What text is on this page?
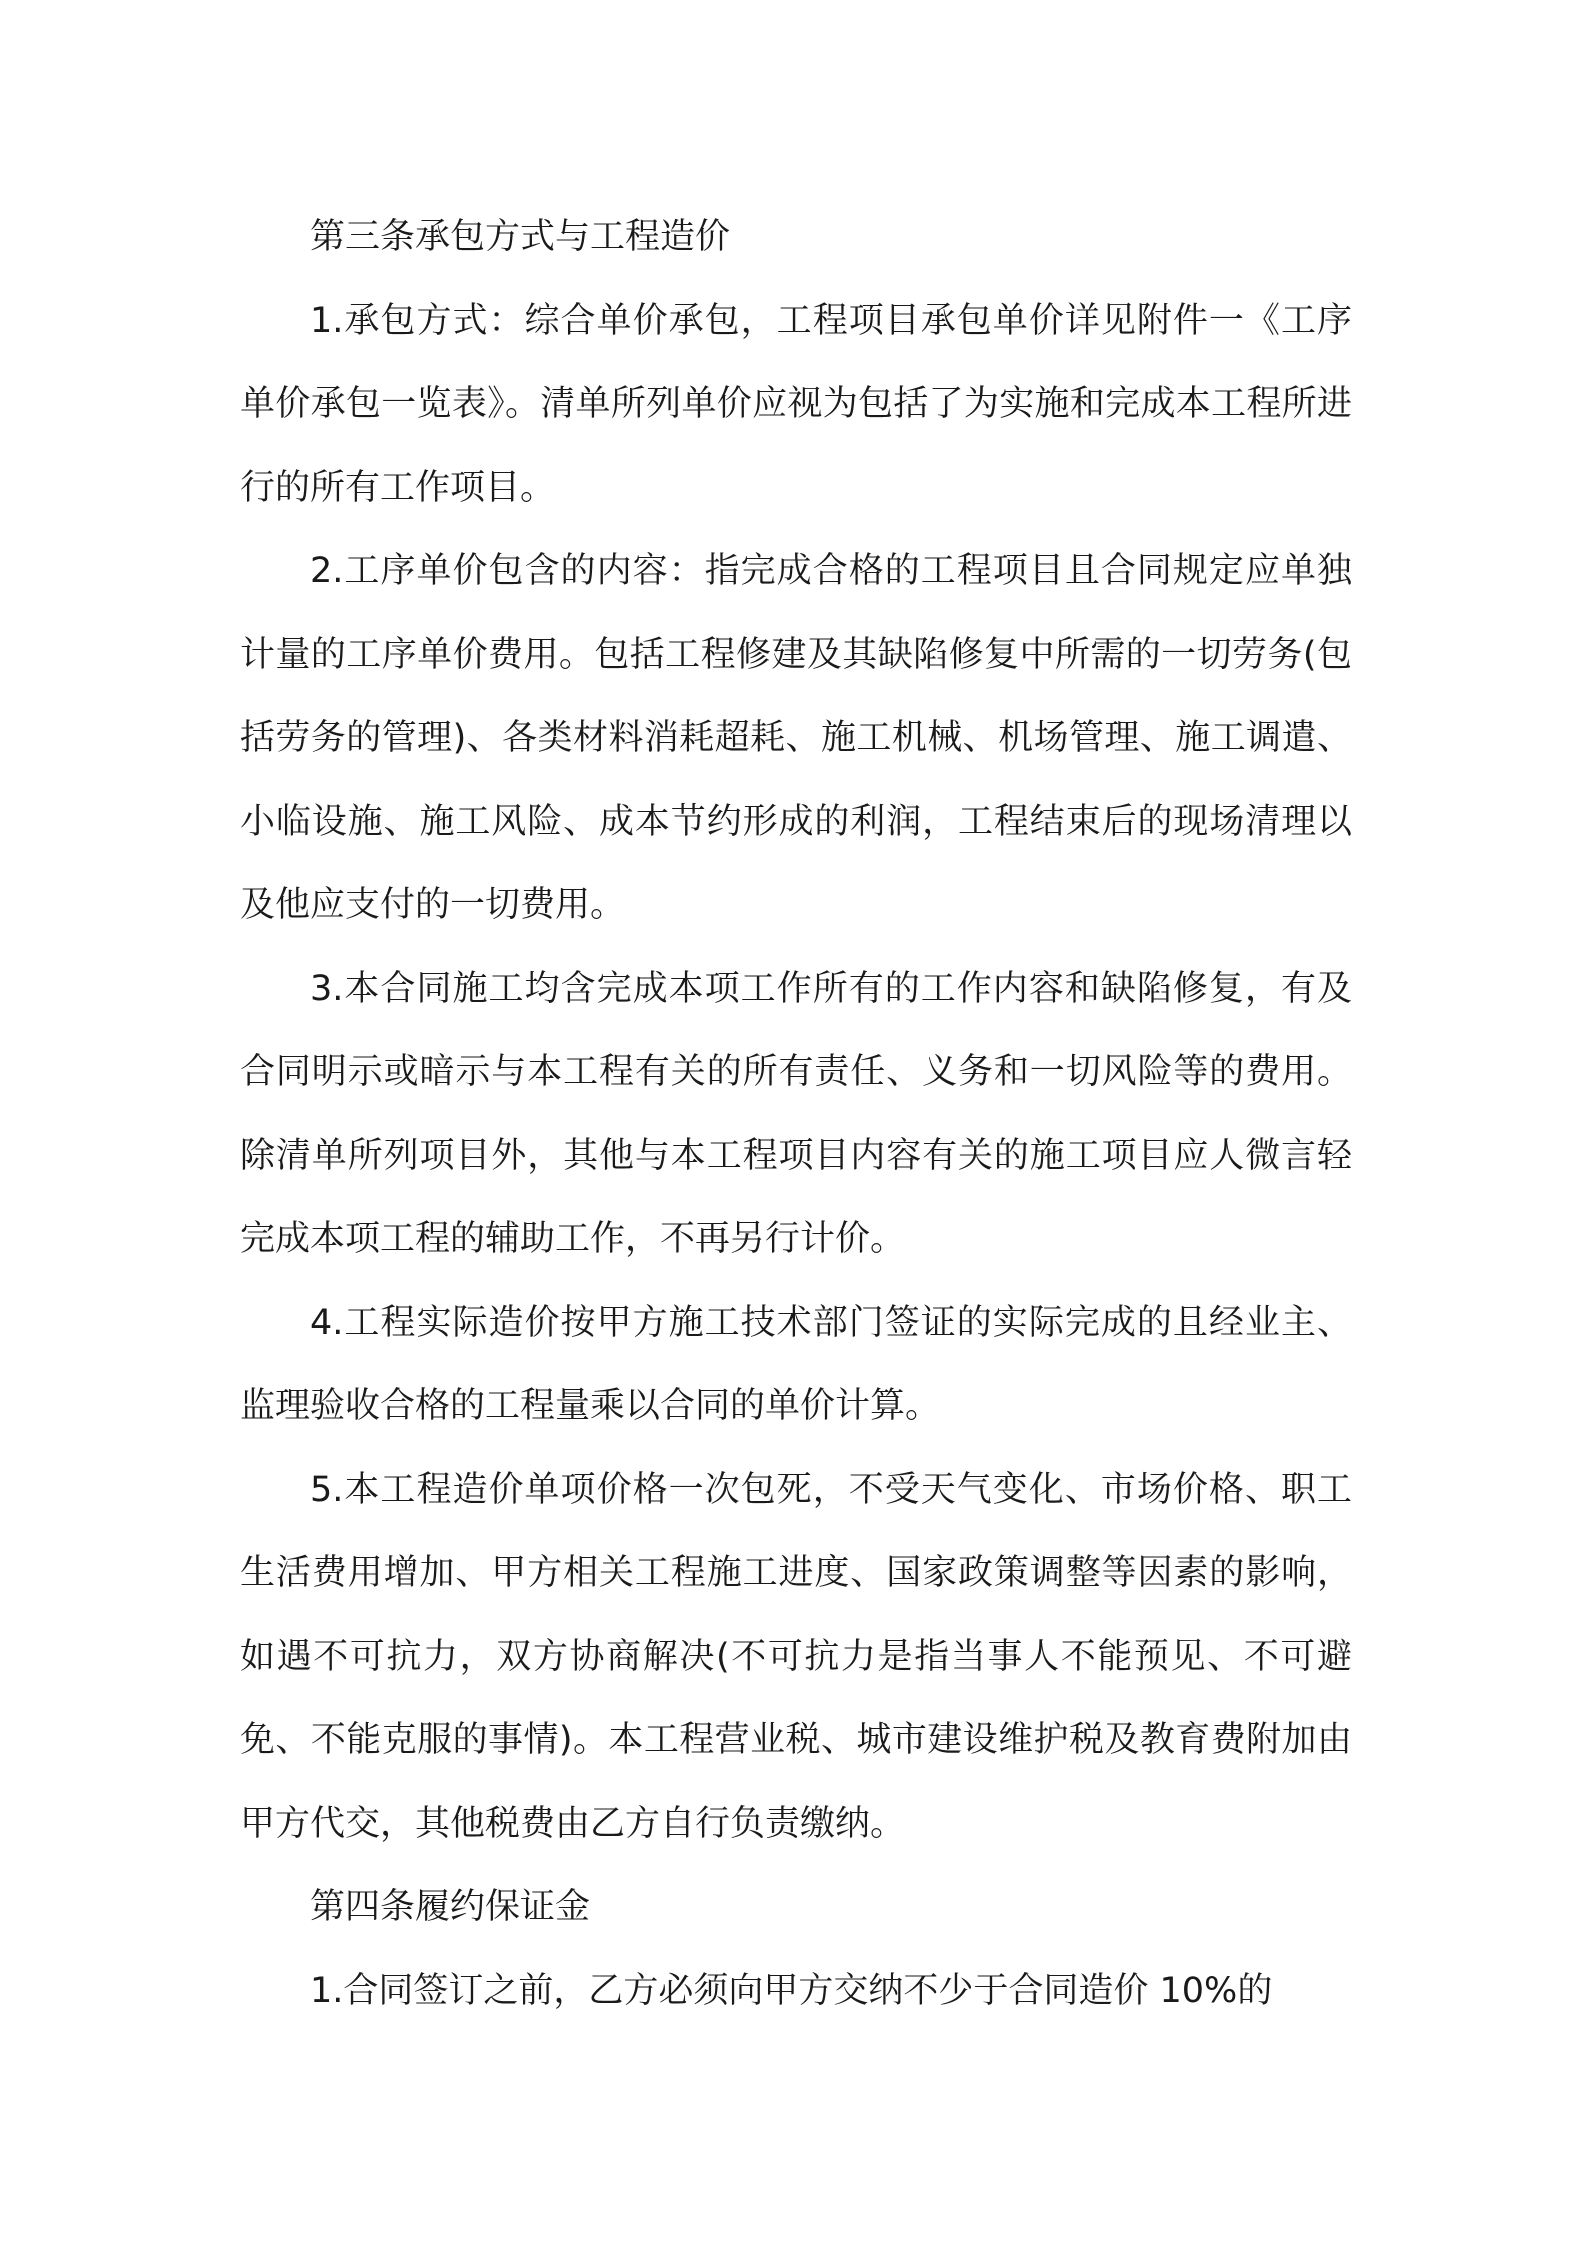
第三条承包方式与工程造价

1.承包方式：综合单价承包，工程项目承包单价详见附件一《工序单价承包一览表》。清单所列单价应视为包括了为实施和完成本工程所进行的所有工作项目。

2.工序单价包含的内容：指完成合格的工程项目且合同规定应单独计量的工序单价费用。包括工程修建及其缺陷修复中所需的一切劳务(包括劳务的管理)、各类材料消耗超耗、施工机械、机场管理、施工调遣、小临设施、施工风险、成本节约形成的利润，工程结束后的现场清理以及他应支付的一切费用。

3.本合同施工均含完成本项工作所有的工作内容和缺陷修复，有及合同明示或暗示与本工程有关的所有责任、义务和一切风险等的费用。除清单所列项目外，其他与本工程项目内容有关的施工项目应人微言轻完成本项工程的辅助工作，不再另行计价。

4.工程实际造价按甲方施工技术部门签证的实际完成的且经业主、监理验收合格的工程量乘以合同的单价计算。

5.本工程造价单项价格一次包死，不受天气变化、市场价格、职工生活费用增加、甲方相关工程施工进度、国家政策调整等因素的影响，如遇不可抗力，双方协商解决(不可抗力是指当事人不能预见、不可避免、不能克服的事情)。本工程营业税、城市建设维护税及教育费附加由甲方代交，其他税费由乙方自行负责缴纳。

第四条履约保证金

1.合同签订之前，乙方必须向甲方交纳不少于合同造价 10%的
